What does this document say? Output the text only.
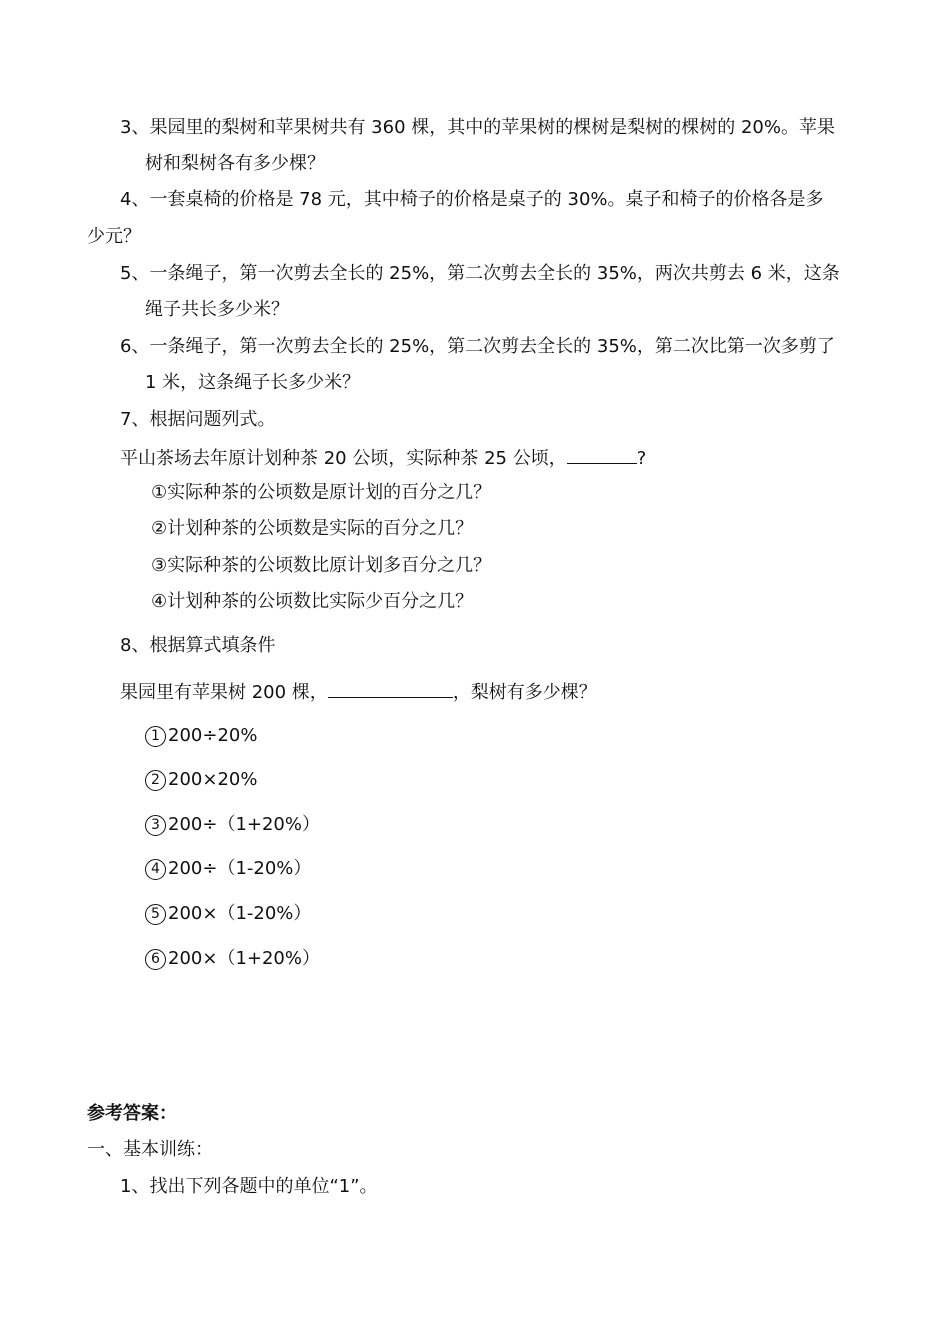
3、果园里的梨树和苹果树共有 360 棵，其中的苹果树的棵树是梨树的棵树的 20%。苹果
树和梨树各有多少棵？
4、一套桌椅的价格是 78 元，其中椅子的价格是桌子的 30%。桌子和椅子的价格各是多
少元？
5、一条绳子，第一次剪去全长的 25%，第二次剪去全长的 35%，两次共剪去 6 米，这条
绳子共长多少米？
6、一条绳子，第一次剪去全长的 25%，第二次剪去全长的 35%，第二次比第一次多剪了
1 米，这条绳子长多少米？
7、根据问题列式。
平山茶场去年原计划种茶 20 公顷，实际种茶 25 公顷，	?
①实际种茶的公顷数是原计划的百分之几？
②计划种茶的公顷数是实际的百分之几？
③实际种茶的公顷数比原计划多百分之几？
④计划种茶的公顷数比实际少百分之几？
8、根据算式填条件
果园里有苹果树 200 棵，	，梨树有多少棵？
1 200÷20%
2 200×20%
3 200÷（1+20%）
4 200÷（1-20%）
5 200×（1-20%）
6 200×（1+20%）
参考答案：
一、基本训练：
1、找出下列各题中的单位“1”。
